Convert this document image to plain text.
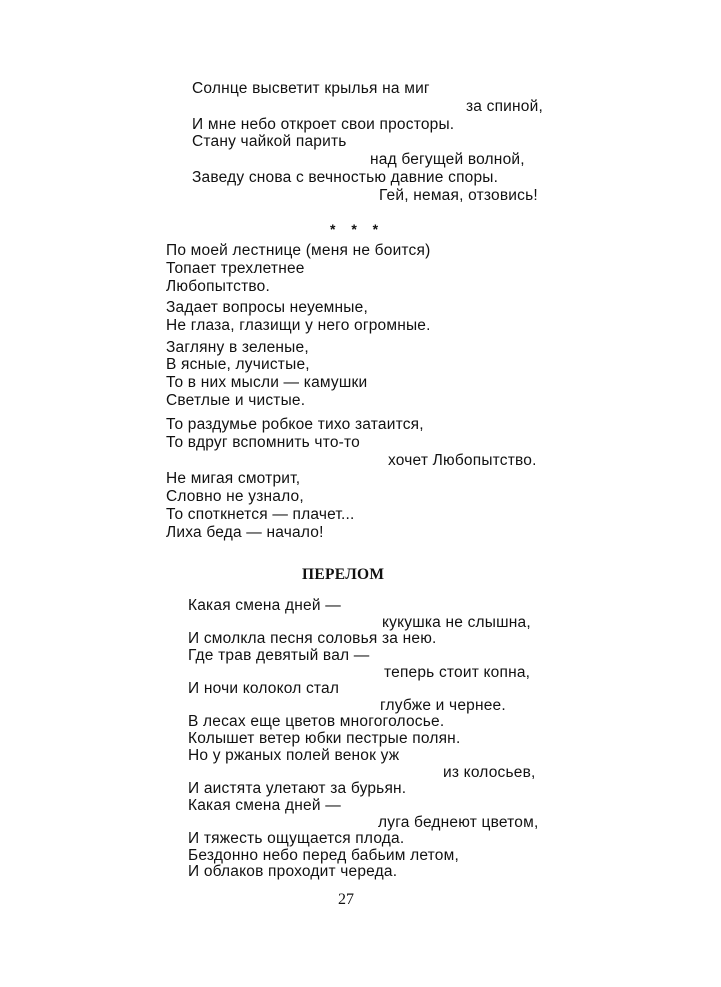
Солнце высветит крылья на миг
за спиной,
И мне небо откроет свои просторы.
Стану чайкой парить
над бегущей волной,
Заведу снова с вечностью давние споры.
Гей, немая, отзовись!
* * *
По моей лестнице (меня не боится)
Топает трехлетнее
Любопытство.
Задает вопросы неуемные,
Не глаза, глазищи у него огромные.
Загляну в зеленые,
В ясные, лучистые,
То в них мысли — камушки
Светлые и чистые.
То раздумье робкое тихо затаится,
То вдруг вспомнить что-то
хочет Любопытство.
Не мигая смотрит,
Словно не узнало,
То споткнется — плачет...
Лиха беда — начало!
ПЕРЕЛОМ
Какая смена дней —
кукушка не слышна,
И смолкла песня соловья за нею.
Где трав девятый вал —
теперь стоит копна,
И ночи колокол стал
глубже и чернее.
В лесах еще цветов многоголосье.
Колышет ветер юбки пестрые полян.
Но у ржаных полей венок уж
из колосьев,
И аистята улетают за бурьян.
Какая смена дней —
луга беднеют цветом,
И тяжесть ощущается плода.
Бездонно небо перед бабьим летом,
И облаков проходит череда.
27
